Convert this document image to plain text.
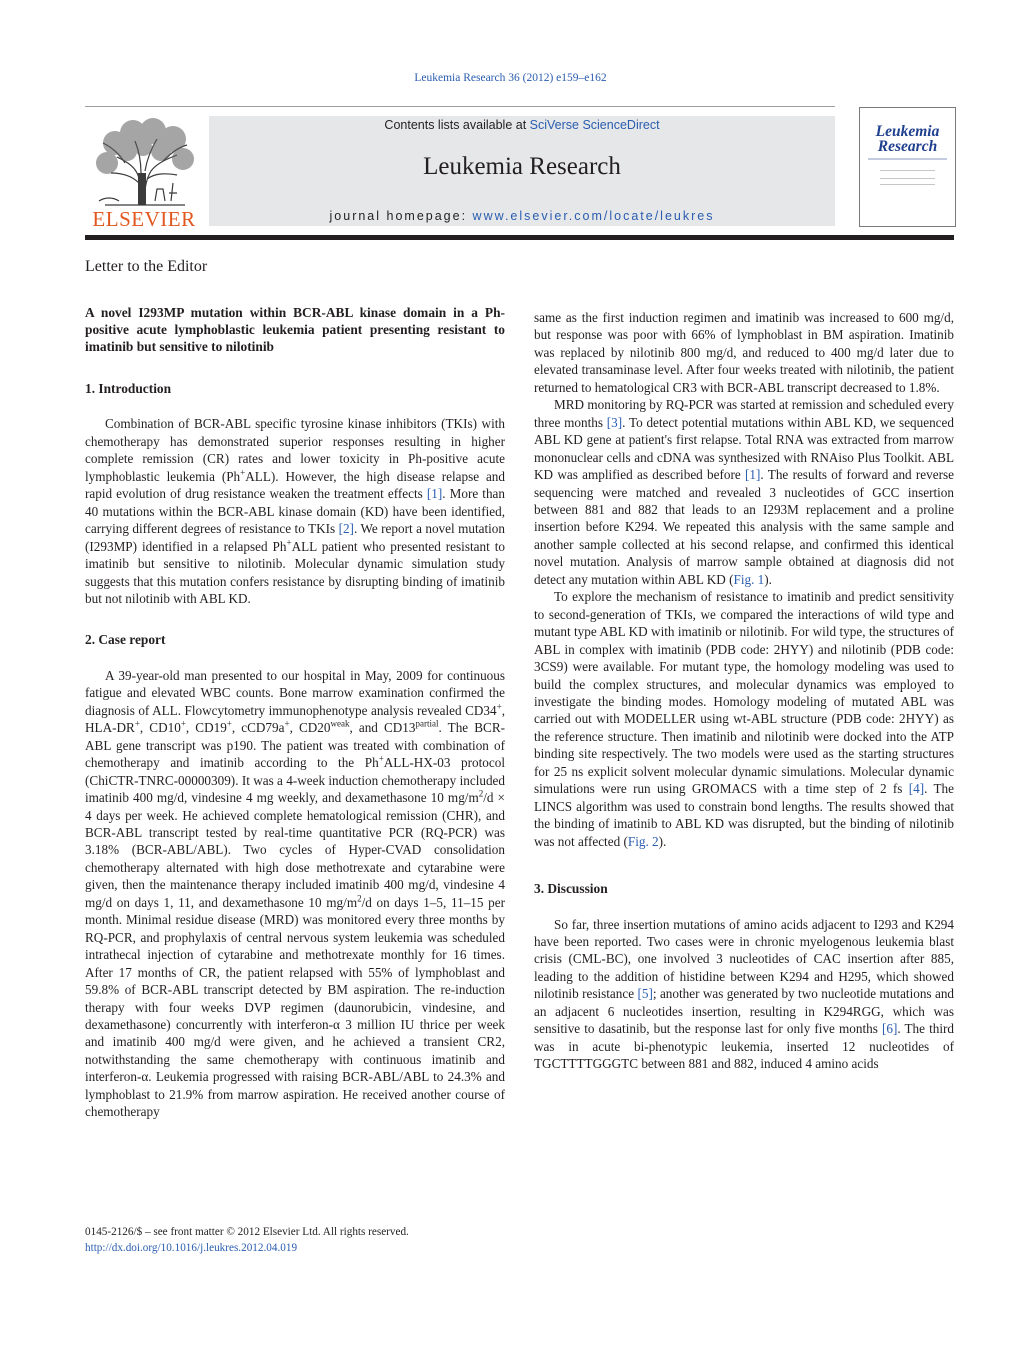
Leukemia Research 36 (2012) e159–e162
ELSEVIER
Contents lists available at SciVerse ScienceDirect
Leukemia Research
journal homepage: www.elsevier.com/locate/leukres
Leukemia
Research
Letter to the Editor

A novel I293MP mutation within BCR-ABL kinase domain in a Ph-positive acute lymphoblastic leukemia patient presenting resistant to imatinib but sensitive to nilotinib

1. Introduction

Combination of BCR-ABL specific tyrosine kinase inhibitors (TKIs) with chemotherapy has demonstrated superior responses resulting in higher complete remission (CR) rates and lower toxicity in Ph-positive acute lymphoblastic leukemia (Ph+ALL). However, the high disease relapse and rapid evolution of drug resistance weaken the treatment effects [1]. More than 40 mutations within the BCR-ABL kinase domain (KD) have been identified, carrying different degrees of resistance to TKIs [2]. We report a novel mutation (I293MP) identified in a relapsed Ph+ALL patient who presented resistant to imatinib but sensitive to nilotinib. Molecular dynamic simulation study suggests that this mutation confers resistance by disrupting binding of imatinib but not nilotinib with ABL KD.

2. Case report

A 39-year-old man presented to our hospital in May, 2009 for continuous fatigue and elevated WBC counts. Bone marrow examination confirmed the diagnosis of ALL. Flowcytometry immunophenotype analysis revealed CD34+, HLA-DR+, CD10+, CD19+, cCD79a+, $CD20^{weak}$, and $CD13^{partial}$. The BCR-ABL gene transcript was p190. The patient was treated with combination of chemotherapy and imatinib according to the Ph+ALL-HX-03 protocol (ChiCTR-TNRC-00000309). It was a 4-week induction chemotherapy included imatinib 400 mg/d, vindesine 4 mg weekly, and dexamethasone 10 $mg/m^2/d \times 4$ days per week. He achieved complete hematological remission (CHR), and BCR-ABL transcript tested by real-time quantitative PCR (RQ-PCR) was 3.18% (BCR-ABL/ABL). Two cycles of Hyper-CVAD consolidation chemotherapy alternated with high dose methotrexate and cytarabine were given, then the maintenance therapy included imatinib 400 mg/d, vindesine 4 mg/d on days 1, 11, and dexamethasone 10 $mg/m^2/d$ on days 1–5, 11–15 per month. Minimal residue disease (MRD) was monitored every three months by RQ-PCR, and prophylaxis of central nervous system leukemia was scheduled intrathecal injection of cytarabine and methotrexate monthly for 16 times. After 17 months of CR, the patient relapsed with 55% of lymphoblast and 59.8% of BCR-ABL transcript detected by BM aspiration. The re-induction therapy with four weeks DVP regimen (daunorubicin, vindesine, and dexamethasone) concurrently with interferon-α 3 million IU thrice per week and imatinib 400 mg/d were given, and he achieved a transient CR2, notwithstanding the same chemotherapy with continuous imatinib and interferon-α. Leukemia progressed with raising BCR-ABL/ABL to 24.3% and lymphoblast to 21.9% from marrow aspiration. He received another course of chemotherapy

same as the first induction regimen and imatinib was increased to 600 mg/d, but response was poor with 66% of lymphoblast in BM aspiration. Imatinib was replaced by nilotinib 800 mg/d, and reduced to 400 mg/d later due to elevated transaminase level. After four weeks treated with nilotinib, the patient returned to hematological CR3 with BCR-ABL transcript decreased to 1.8%.

MRD monitoring by RQ-PCR was started at remission and scheduled every three months [3]. To detect potential mutations within ABL KD, we sequenced ABL KD gene at patient's first relapse. Total RNA was extracted from marrow mononuclear cells and cDNA was synthesized with RNAiso Plus Toolkit. ABL KD was amplified as described before [1]. The results of forward and reverse sequencing were matched and revealed 3 nucleotides of GCC insertion between 881 and 882 that leads to an I293M replacement and a proline insertion before K294. We repeated this analysis with the same sample and another sample collected at his second relapse, and confirmed this identical novel mutation. Analysis of marrow sample obtained at diagnosis did not detect any mutation within ABL KD (Fig. 1).

To explore the mechanism of resistance to imatinib and predict sensitivity to second-generation of TKIs, we compared the interactions of wild type and mutant type ABL KD with imatinib or nilotinib. For wild type, the structures of ABL in complex with imatinib (PDB code: 2HYY) and nilotinib (PDB code: 3CS9) were available. For mutant type, the homology modeling was used to build the complex structures, and molecular dynamics was employed to investigate the binding modes. Homology modeling of mutated ABL was carried out with MODELLER using wt-ABL structure (PDB code: 2HYY) as the reference structure. Then imatinib and nilotinib were docked into the ATP binding site respectively. The two models were used as the starting structures for 25 ns explicit solvent molecular dynamic simulations. Molecular dynamic simulations were run using GROMACS with a time step of 2 fs [4]. The LINCS algorithm was used to constrain bond lengths. The results showed that the binding of imatinib to ABL KD was disrupted, but the binding of nilotinib was not affected (Fig. 2).

3. Discussion

So far, three insertion mutations of amino acids adjacent to I293 and K294 have been reported. Two cases were in chronic myelogenous leukemia blast crisis (CML-BC), one involved 3 nucleotides of CAC insertion after 885, leading to the addition of histidine between K294 and H295, which showed nilotinib resistance [5]; another was generated by two nucleotide mutations and an adjacent 6 nucleotides insertion, resulting in K294RGG, which was sensitive to dasatinib, but the response last for only five months [6]. The third was in acute bi-phenotypic leukemia, inserted 12 nucleotides of TGCTTTTGGGTC between 881 and 882, induced 4 amino acids

0145-2126/$ – see front matter © 2012 Elsevier Ltd. All rights reserved.
http://dx.doi.org/10.1016/j.leukres.2012.04.019
